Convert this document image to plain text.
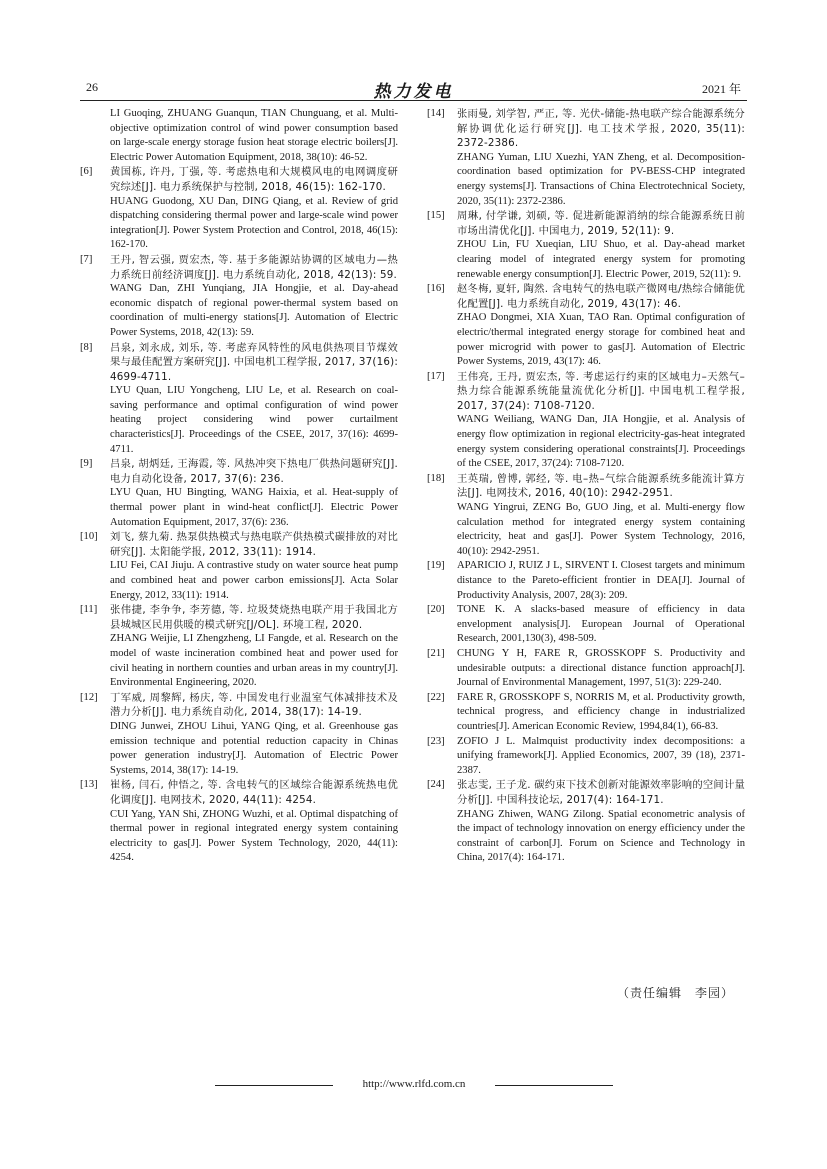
26	热力发电	2021 年
LI Guoqing, ZHUANG Guanqun, TIAN Chunguang, et al. Multi-objective optimization control of wind power consumption based on large-scale energy storage fusion heat storage electric boilers[J]. Electric Power Automation Equipment, 2018, 38(10): 46-52.
[6]	黄国栋, 许丹, 丁强, 等. 考虑热电和大规模风电的电网调度研究综述[J]. 电力系统保护与控制, 2018, 46(15): 162-170.
HUANG Guodong, XU Dan, DING Qiang, et al. Review of grid dispatching considering thermal power and large-scale wind power integration[J]. Power System Protection and Control, 2018, 46(15): 162-170.
[7]	王丹, 智云强, 贾宏杰, 等. 基于多能源站协调的区域电力—热力系统日前经济调度[J]. 电力系统自动化, 2018, 42(13): 59.
WANG Dan, ZHI Yunqiang, JIA Hongjie, et al. Day-ahead economic dispatch of regional power-thermal system based on coordination of multi-energy stations[J]. Automation of Electric Power Systems, 2018, 42(13): 59.
[8]	吕泉, 刘永成, 刘乐, 等. 考虑弃风特性的风电供热项目节煤效果与最佳配置方案研究[J]. 中国电机工程学报, 2017, 37(16): 4699-4711.
LYU Quan, LIU Yongcheng, LIU Le, et al. Research on coal-saving performance and optimal configuration of wind power heating project considering wind power curtailment characteristics[J]. Proceedings of the CSEE, 2017, 37(16): 4699-4711.
[9]	吕泉, 胡炳廷, 王海霞, 等. 风热冲突下热电厂供热问题研究[J]. 电力自动化设备, 2017, 37(6): 236.
LYU Quan, HU Bingting, WANG Haixia, et al. Heat-supply of thermal power plant in wind-heat conflict[J]. Electric Power Automation Equipment, 2017, 37(6): 236.
[10]	刘飞, 蔡九菊. 热泵供热模式与热电联产供热模式碳排放的对比研究[J]. 太阳能学报, 2012, 33(11): 1914.
LIU Fei, CAI Jiuju. A contrastive study on water source heat pump and combined heat and power carbon emissions[J]. Acta Solar Energy, 2012, 33(11): 1914.
[11]	张伟捷, 李争争, 李芳德, 等. 垃圾焚烧热电联产用于我国北方县城城区民用供暖的模式研究[J/OL]. 环境工程, 2020.
ZHANG Weijie, LI Zhengzheng, LI Fangde, et al. Research on the model of waste incineration combined heat and power used for civil heating in northern counties and urban areas in my country[J]. Environmental Engineering, 2020.
[12]	丁军威, 周黎辉, 杨庆, 等. 中国发电行业温室气体减排技术及潜力分析[J]. 电力系统自动化, 2014, 38(17): 14-19.
DING Junwei, ZHOU Lihui, YANG Qing, et al. Greenhouse gas emission technique and potential reduction capacity in Chinas power generation industry[J]. Automation of Electric Power Systems, 2014, 38(17): 14-19.
[13]	崔杨, 闫石, 仲悟之, 等. 含电转气的区域综合能源系统热电优化调度[J]. 电网技术, 2020, 44(11): 4254.
CUI Yang, YAN Shi, ZHONG Wuzhi, et al. Optimal dispatching of thermal power in regional integrated energy system containing electricity to gas[J]. Power System Technology, 2020, 44(11): 4254.
[14]	张雨曼, 刘学智, 严正, 等. 光伏-储能-热电联产综合能源系统分解协调优化运行研究[J]. 电工技术学报, 2020, 35(11): 2372-2386.
ZHANG Yuman, LIU Xuezhi, YAN Zheng, et al. Decomposition-coordination based optimization for PV-BESS-CHP integrated energy systems[J]. Transactions of China Electrotechnical Society, 2020, 35(11): 2372-2386.
[15]	周琳, 付学谦, 刘硕, 等. 促进新能源消纳的综合能源系统日前市场出清优化[J]. 中国电力, 2019, 52(11): 9.
ZHOU Lin, FU Xueqian, LIU Shuo, et al. Day-ahead market clearing model of integrated energy system for promoting renewable energy consumption[J]. Electric Power, 2019, 52(11): 9.
[16]	赵冬梅, 夏轩, 陶然. 含电转气的热电联产微网电/热综合储能优化配置[J]. 电力系统自动化, 2019, 43(17): 46.
ZHAO Dongmei, XIA Xuan, TAO Ran. Optimal configuration of electric/thermal integrated energy storage for combined heat and power microgrid with power to gas[J]. Automation of Electric Power Systems, 2019, 43(17): 46.
[17]	王伟亮, 王丹, 贾宏杰, 等. 考虑运行约束的区域电力–天然气–热力综合能源系统能量流优化分析[J]. 中国电机工程学报, 2017, 37(24): 7108-7120.
WANG Weiliang, WANG Dan, JIA Hongjie, et al. Analysis of energy flow optimization in regional electricity-gas-heat integrated energy system considering operational constraints[J]. Proceedings of the CSEE, 2017, 37(24): 7108-7120.
[18]	王英瑞, 曾博, 郭经, 等. 电–热–气综合能源系统多能流计算方法[J]. 电网技术, 2016, 40(10): 2942-2951.
WANG Yingrui, ZENG Bo, GUO Jing, et al. Multi-energy flow calculation method for integrated energy system containing electricity, heat and gas[J]. Power System Technology, 2016, 40(10): 2942-2951.
[19]	APARICIO J, RUIZ J L, SIRVENT I. Closest targets and minimum distance to the Pareto-efficient frontier in DEA[J]. Journal of Productivity Analysis, 2007, 28(3): 209.
[20]	TONE K. A slacks-based measure of efficiency in data envelopment analysis[J]. European Journal of Operational Research, 2001,130(3), 498-509.
[21]	CHUNG Y H, FARE R, GROSSKOPF S. Productivity and undesirable outputs: a directional distance function approach[J]. Journal of Environmental Management, 1997, 51(3): 229-240.
[22]	FARE R, GROSSKOPF S, NORRIS M, et al. Productivity growth, technical progress, and efficiency change in industrialized countries[J]. American Economic Review, 1994,84(1), 66-83.
[23]	ZOFIO J L. Malmquist productivity index decompositions: a unifying framework[J]. Applied Economics, 2007, 39 (18), 2371-2387.
[24]	张志雯, 王子龙. 碳约束下技术创新对能源效率影响的空间计量分析[J]. 中国科技论坛, 2017(4): 164-171.
ZHANG Zhiwen, WANG Zilong. Spatial econometric analysis of the impact of technology innovation on energy efficiency under the constraint of carbon[J]. Forum on Science and Technology in China, 2017(4): 164-171.
（责任编辑　李园）
http://www.rlfd.com.cn
